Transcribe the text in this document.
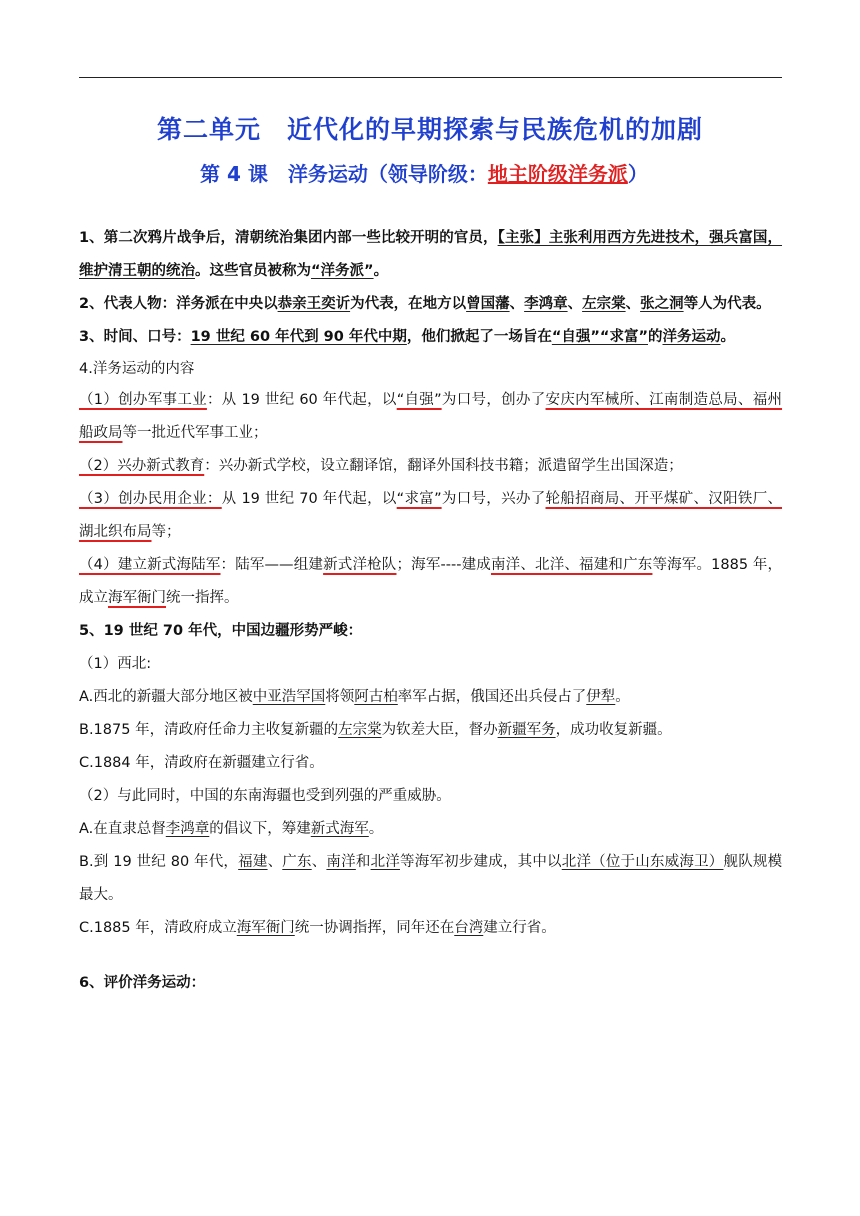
第二单元　近代化的早期探索与民族危机的加剧
第 4 课　洋务运动（领导阶级：地主阶级洋务派）

1、第二次鸦片战争后，清朝统治集团内部一些比较开明的官员，【主张】主张利用西方先进技术，强兵富国，维护清王朝的统治。这些官员被称为“洋务派”。

2、代表人物：洋务派在中央以恭亲王奕䜣为代表，在地方以曾国藩、李鸿章、左宗棠、张之洞等人为代表。

3、时间、口号：19 世纪 60 年代到 90 年代中期，他们掀起了一场旨在“自强”“求富”的洋务运动。

4.洋务运动的内容

（1）创办军事工业：从 19 世纪 60 年代起，以“自强”为口号，创办了安庆内军械所、江南制造总局、福州船政局等一批近代军事工业；

（2）兴办新式教育：兴办新式学校，设立翻译馆，翻译外国科技书籍；派遣留学生出国深造；

（3）创办民用企业：从 19 世纪 70 年代起，以“求富”为口号，兴办了轮船招商局、开平煤矿、汉阳铁厂、湖北织布局等；

（4）建立新式海陆军：陆军——组建新式洋枪队；海军----建成南洋、北洋、福建和广东等海军。1885 年，成立海军衙门统一指挥。

5、19 世纪 70 年代，中国边疆形势严峻：

（1）西北:

A.西北的新疆大部分地区被中亚浩罕国将领阿古柏率军占据，俄国还出兵侵占了伊犁。

B.1875 年，清政府任命力主收复新疆的左宗棠为钦差大臣，督办新疆军务，成功收复新疆。

C.1884 年，清政府在新疆建立行省。

（2）与此同时，中国的东南海疆也受到列强的严重威胁。

A.在直隶总督李鸿章的倡议下，筹建新式海军。

B.到 19 世纪 80 年代，福建、广东、南洋和北洋等海军初步建成，其中以北洋（位于山东威海卫）舰队规模最大。

C.1885 年，清政府成立海军衙门统一协调指挥，同年还在台湾建立行省。

6、评价洋务运动：
